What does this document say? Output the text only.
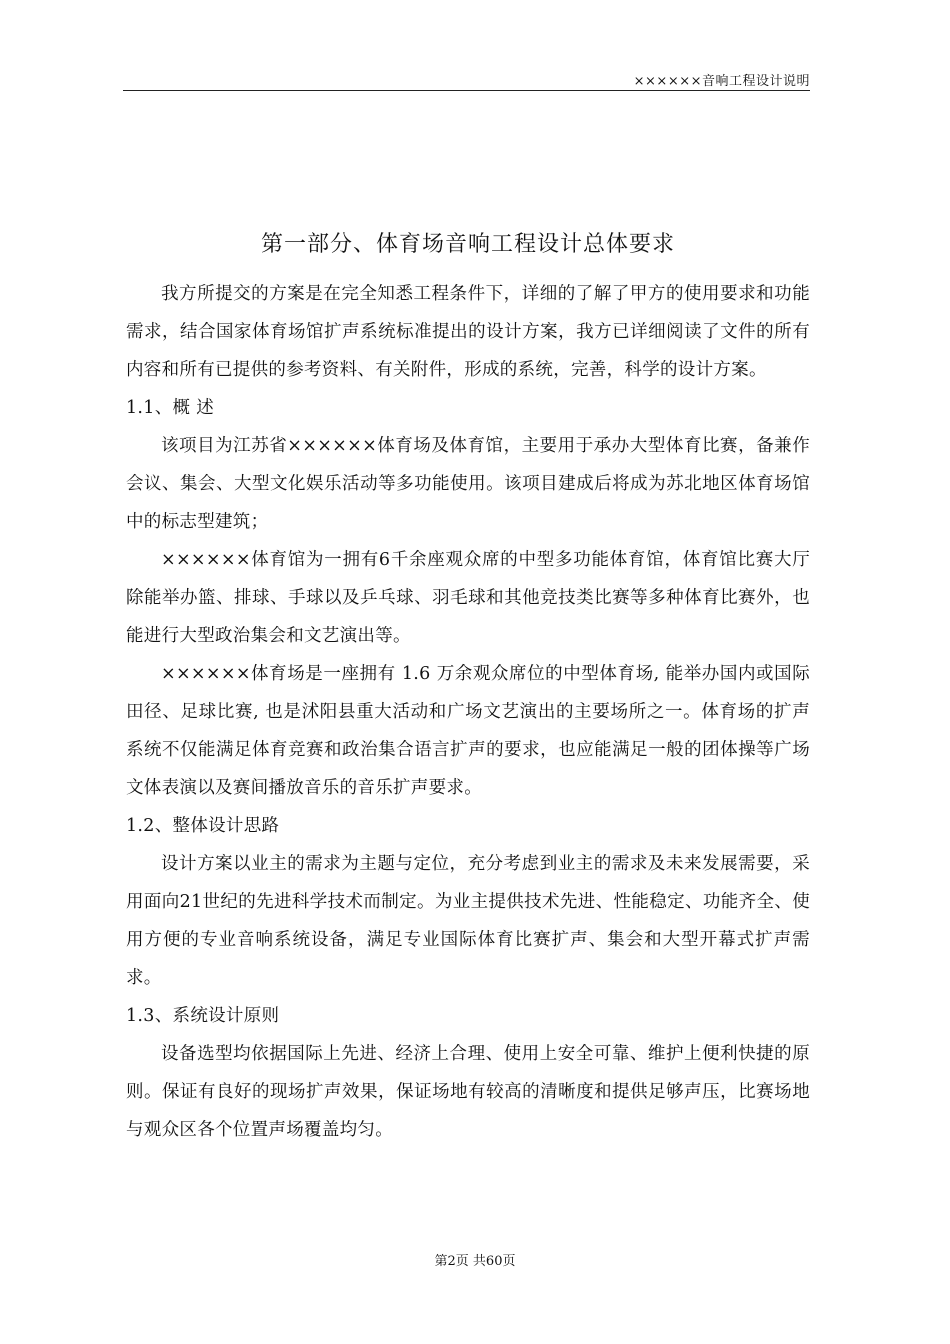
××××××音响工程设计说明
第一部分、体育场音响工程设计总体要求

我方所提交的方案是在完全知悉工程条件下，详细的了解了甲方的使用要求和功能需求，结合国家体育场馆扩声系统标准提出的设计方案，我方已详细阅读了文件的所有内容和所有已提供的参考资料、有关附件，形成的系统，完善，科学的设计方案。

1.1、概 述

该项目为江苏省××××××体育场及体育馆，主要用于承办大型体育比赛，备兼作会议、集会、大型文化娱乐活动等多功能使用。该项目建成后将成为苏北地区体育场馆中的标志型建筑；

××××××体育馆为一拥有6千余座观众席的中型多功能体育馆，体育馆比赛大厅除能举办篮、排球、手球以及乒乓球、羽毛球和其他竞技类比赛等多种体育比赛外，也能进行大型政治集会和文艺演出等。

××××××体育场是一座拥有 1.6 万余观众席位的中型体育场, 能举办国内或国际田径、足球比赛, 也是沭阳县重大活动和广场文艺演出的主要场所之一。体育场的扩声系统不仅能满足体育竞赛和政治集合语言扩声的要求，也应能满足一般的团体操等广场文体表演以及赛间播放音乐的音乐扩声要求。

1.2、整体设计思路

设计方案以业主的需求为主题与定位，充分考虑到业主的需求及未来发展需要，采用面向21世纪的先进科学技术而制定。为业主提供技术先进、性能稳定、功能齐全、使用方便的专业音响系统设备，满足专业国际体育比赛扩声、集会和大型开幕式扩声需求。

1.3、系统设计原则

设备选型均依据国际上先进、经济上合理、使用上安全可靠、维护上便利快捷的原则。保证有良好的现场扩声效果，保证场地有较高的清晰度和提供足够声压，比赛场地与观众区各个位置声场覆盖均匀。

第2页 共60页
